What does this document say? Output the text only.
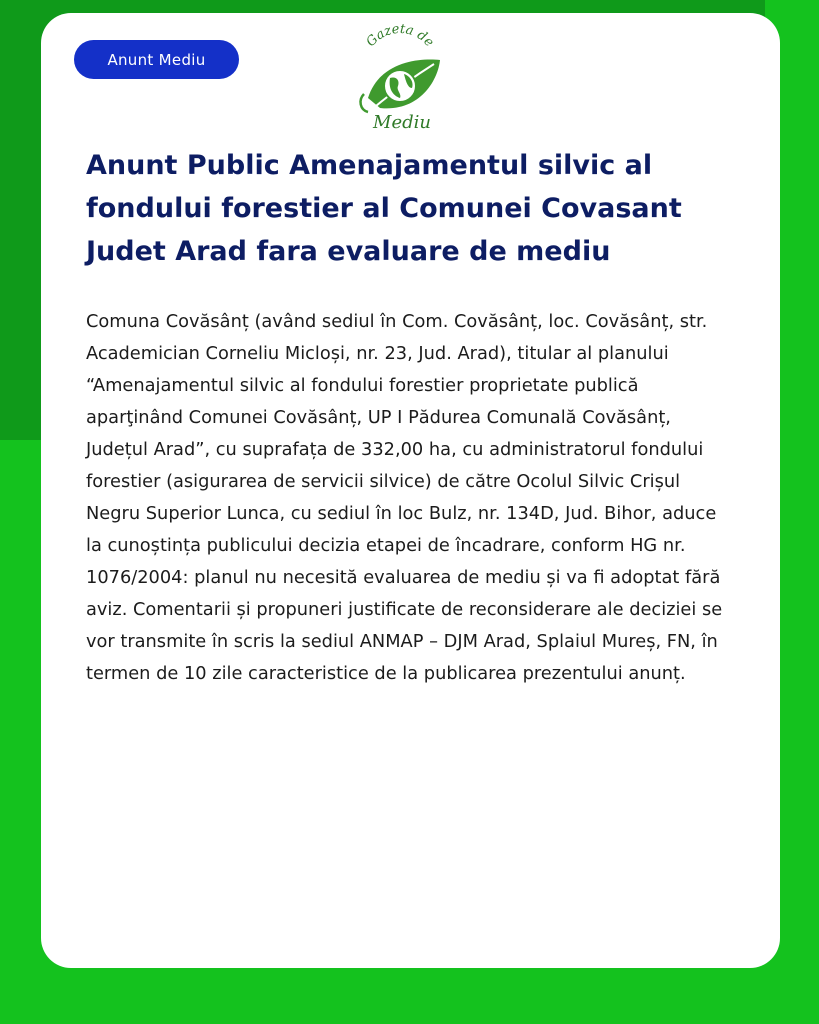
Anunt Mediu
Gazeta de
Mediu
Anunt Public Amenajamentul silvic al fondului forestier al Comunei Covasant Judet Arad fara evaluare de mediu

Comuna Covăsânț (având sediul în Com. Covăsânț, loc. Covăsânț, str. Academician Corneliu Micloși, nr. 23, Jud. Arad), titular al planului “Amenajamentul silvic al fondului forestier proprietate publică aparţinând Comunei Covăsânț, UP I Pădurea Comunală Covăsânț, Județul Arad”, cu suprafața de 332,00 ha, cu administratorul fondului forestier (asigurarea de servicii silvice) de către Ocolul Silvic Crișul Negru Superior Lunca, cu sediul în loc Bulz, nr. 134D, Jud. Bihor, aduce la cunoștința publicului decizia etapei de încadrare, conform HG nr. 1076/2004: planul nu necesită evaluarea de mediu și va fi adoptat fără aviz. Comentarii și propuneri justificate de reconsiderare ale deciziei se vor transmite în scris la sediul ANMAP – DJM Arad, Splaiul Mureș, FN, în termen de 10 zile caracteristice de la publicarea prezentului anunț.
